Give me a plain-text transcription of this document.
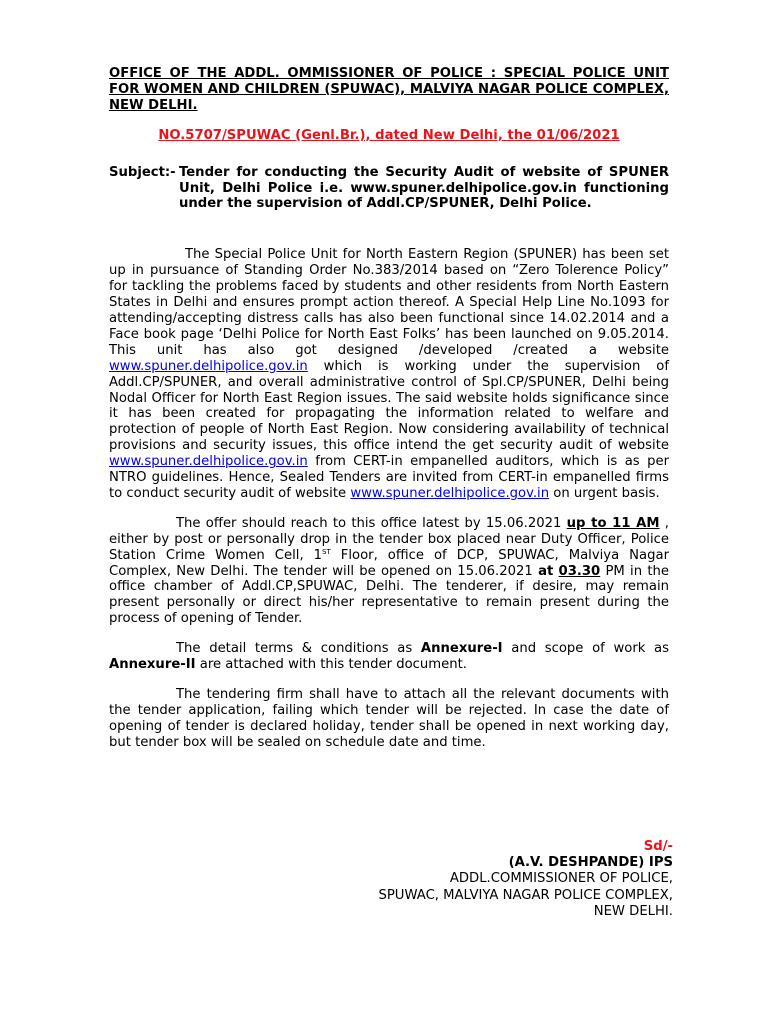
OFFICE OF THE ADDL. OMMISSIONER OF POLICE : SPECIAL POLICE UNIT FOR WOMEN AND CHILDREN (SPUWAC), MALVIYA NAGAR POLICE COMPLEX, NEW DELHI.

NO.5707/SPUWAC (Genl.Br.), dated New Delhi, the 01/06/2021

Subject:- Tender for conducting the Security Audit of website of SPUNER Unit, Delhi Police i.e. www.spuner.delhipolice.gov.in functioning under the supervision of Addl.CP/SPUNER, Delhi Police.

The Special Police Unit for North Eastern Region (SPUNER) has been set up in pursuance of Standing Order No.383/2014 based on “Zero Tolerence Policy” for tackling the problems faced by students and other residents from North Eastern States in Delhi and ensures prompt action thereof. A Special Help Line No.1093 for attending/accepting distress calls has also been functional since 14.02.2014 and a Face book page ‘Delhi Police for North East Folks’ has been launched on 9.05.2014. This unit has also got designed /developed /created a website www.spuner.delhipolice.gov.in which is working under the supervision of Addl.CP/SPUNER, and overall administrative control of Spl.CP/SPUNER, Delhi being Nodal Officer for North East Region issues. The said website holds significance since it has been created for propagating the information related to welfare and protection of people of North East Region. Now considering availability of technical provisions and security issues, this office intend the get security audit of website www.spuner.delhipolice.gov.in from CERT-in empanelled auditors, which is as per NTRO guidelines. Hence, Sealed Tenders are invited from CERT-in empanelled firms to conduct security audit of website www.spuner.delhipolice.gov.in on urgent basis.

The offer should reach to this office latest by 15.06.2021 up to 11 AM , either by post or personally drop in the tender box placed near Duty Officer, Police Station Crime Women Cell, 1ST Floor, office of DCP, SPUWAC, Malviya Nagar Complex, New Delhi. The tender will be opened on 15.06.2021 at 03.30 PM in the office chamber of Addl.CP,SPUWAC, Delhi. The tenderer, if desire, may remain present personally or direct his/her representative to remain present during the process of opening of Tender.

The detail terms & conditions as Annexure-I and scope of work as Annexure-II are attached with this tender document.

The tendering firm shall have to attach all the relevant documents with the tender application, failing which tender will be rejected. In case the date of opening of tender is declared holiday, tender shall be opened in next working day, but tender box will be sealed on schedule date and time.

Sd/-
(A.V. DESHPANDE) IPS
ADDL.COMMISSIONER OF POLICE,
SPUWAC, MALVIYA NAGAR POLICE COMPLEX,
NEW DELHI.
